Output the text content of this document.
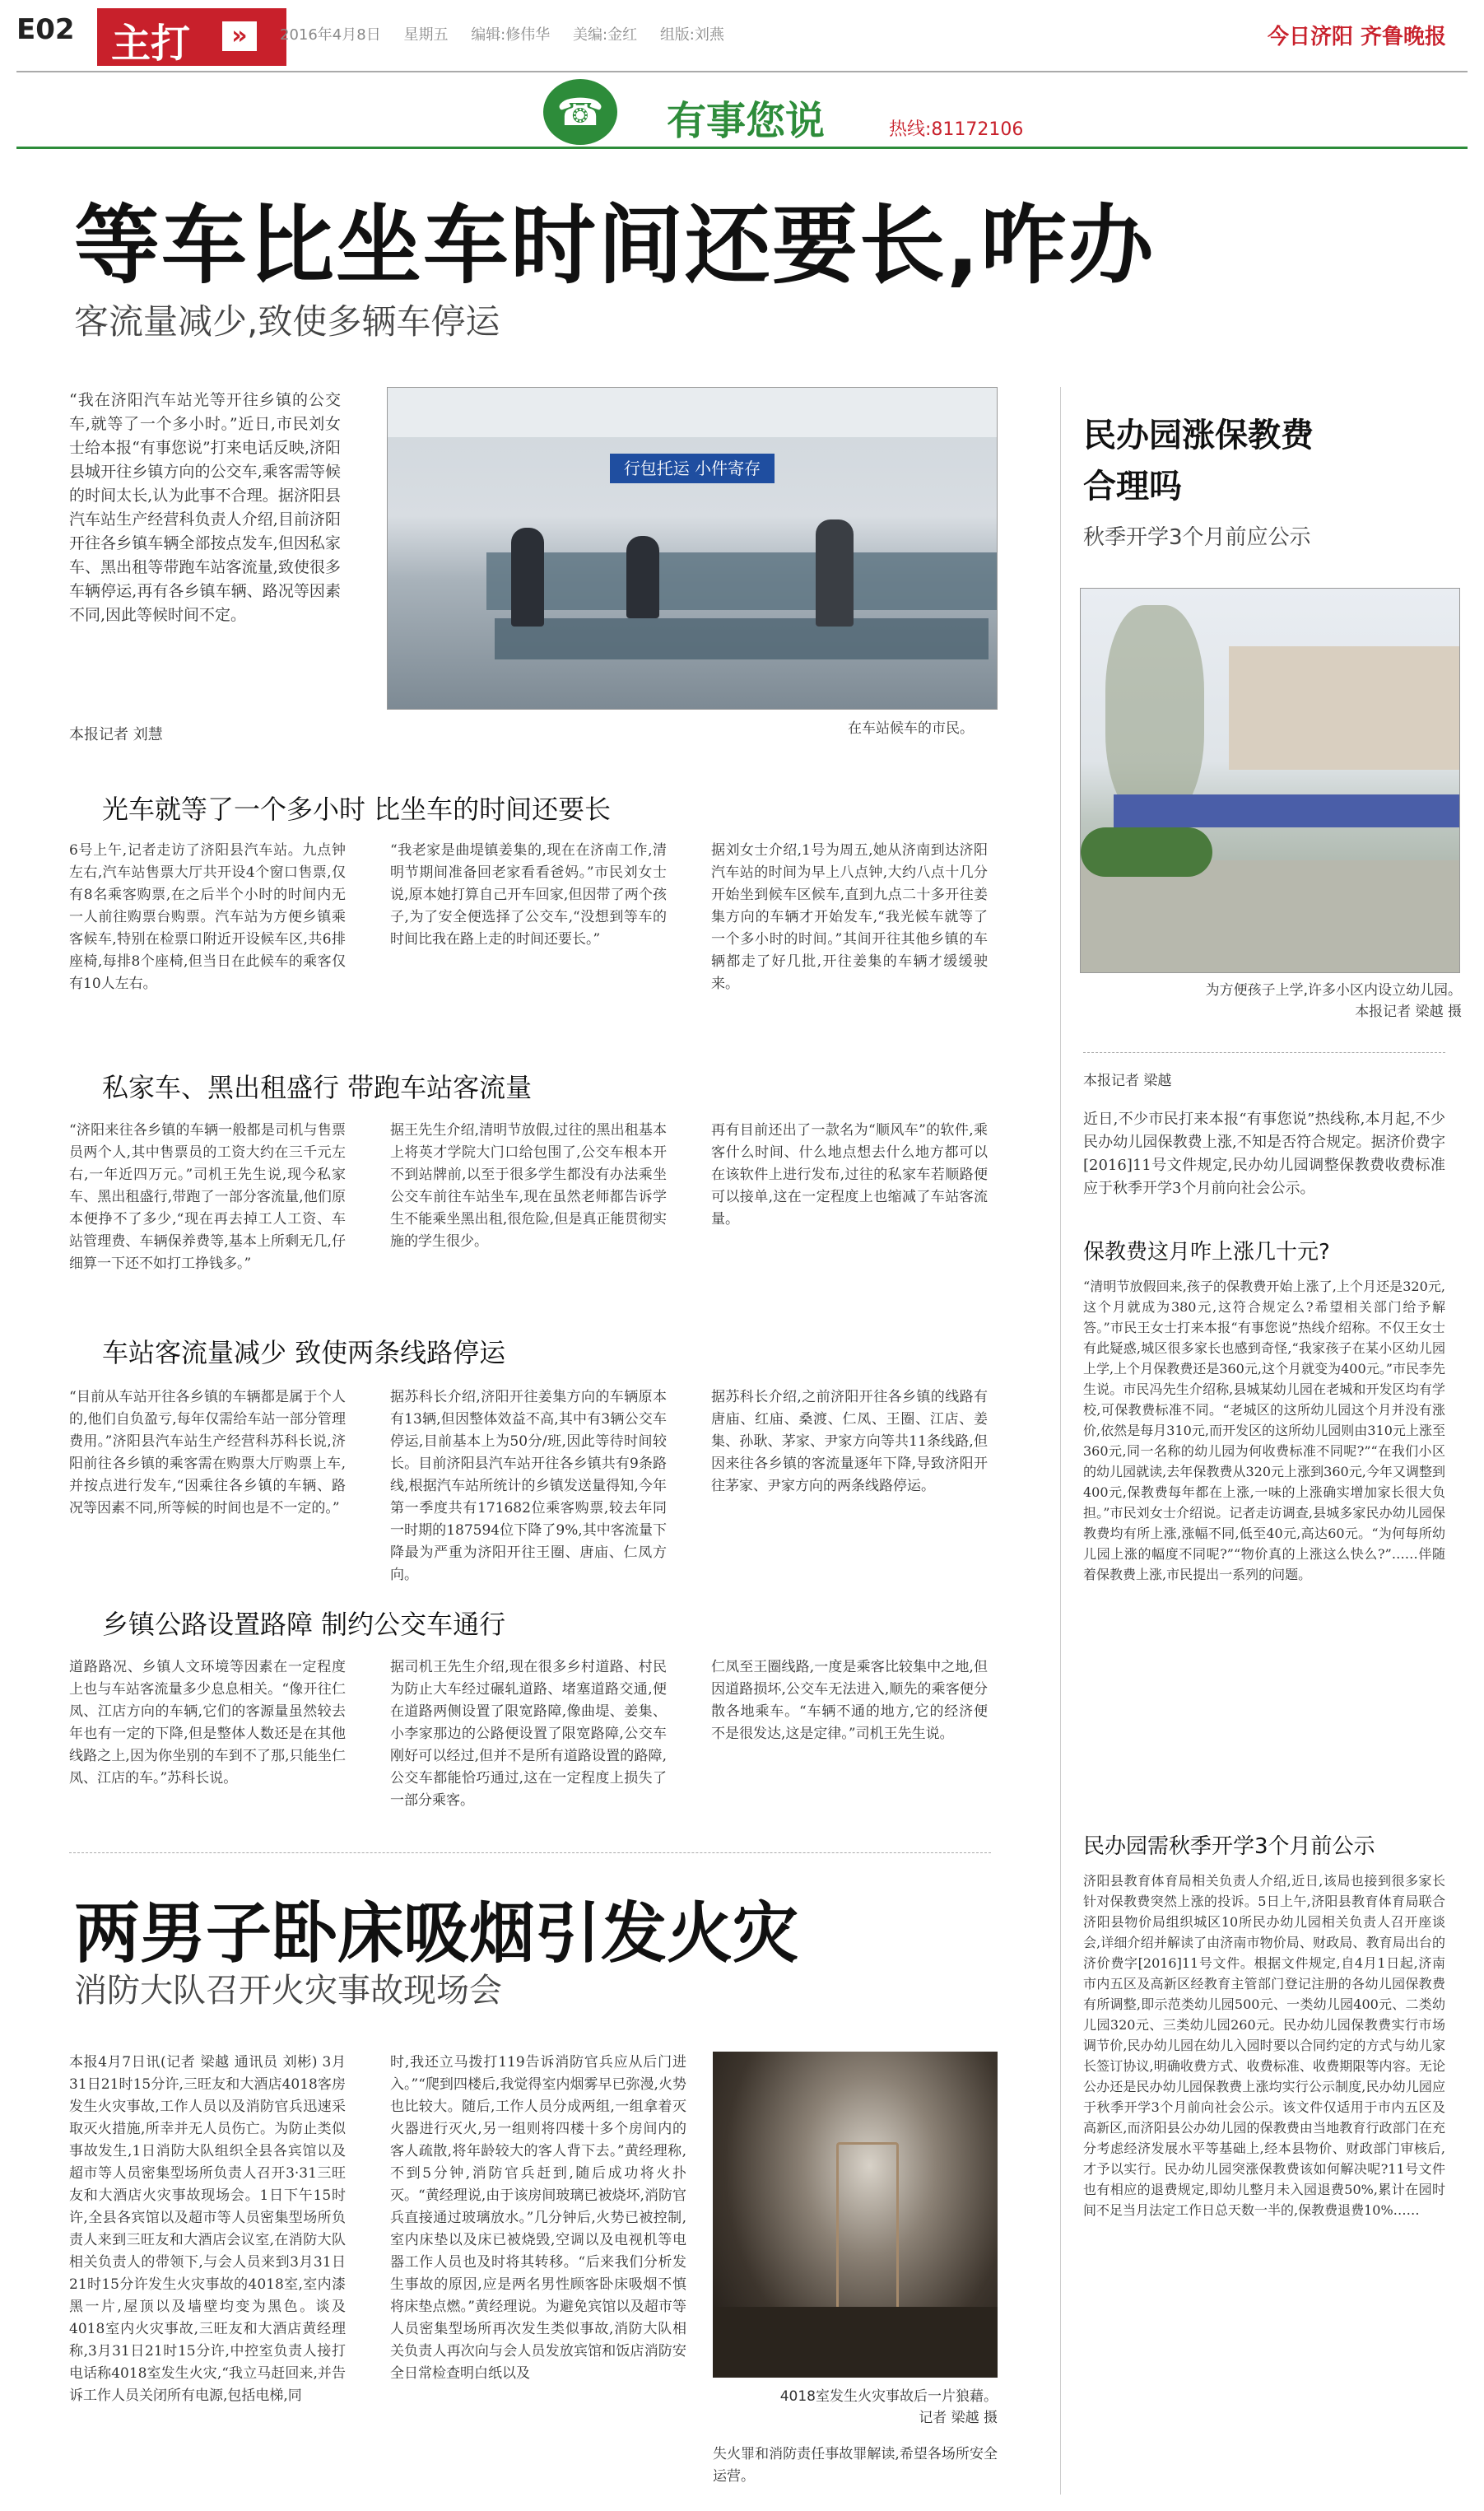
E02 主打	»	2016年4月8日 星期五 编辑:修伟华 美编:金红 组版:刘燕	今日济阳 齐鲁晚报
☎	有事您说	热线:81172106
等车比坐车时间还要长,咋办
客流量减少,致使多辆车停运
“我在济阳汽车站光等开往乡镇的公交车,就等了一个多小时。”近日,市民刘女士给本报“有事您说”打来电话反映,济阳县城开往乡镇方向的公交车,乘客需等候的时间太长,认为此事不合理。据济阳县汽车站生产经营科负责人介绍,目前济阳开往各乡镇车辆全部按点发车,但因私家车、黑出租等带跑车站客流量,致使很多车辆停运,再有各乡镇车辆、路况等因素不同,因此等候时间不定。
本报记者 刘慧
行包托运 小件寄存
在车站候车的市民。
光车就等了一个多小时 比坐车的时间还要长
6号上午,记者走访了济阳县汽车站。九点钟左右,汽车站售票大厅共开设4个窗口售票,仅有8名乘客购票,在之后半个小时的时间内无一人前往购票台购票。汽车站为方便乡镇乘客候车,特别在检票口附近开设候车区,共6排座椅,每排8个座椅,但当日在此候车的乘客仅有10人左右。
“我老家是曲堤镇姜集的,现在在济南工作,清明节期间准备回老家看看爸妈。”市民刘女士说,原本她打算自己开车回家,但因带了两个孩子,为了安全便选择了公交车,“没想到等车的时间比我在路上走的时间还要长。”
据刘女士介绍,1号为周五,她从济南到达济阳汽车站的时间为早上八点钟,大约八点十几分开始坐到候车区候车,直到九点二十多开往姜集方向的车辆才开始发车,“我光候车就等了一个多小时的时间。”其间开往其他乡镇的车辆都走了好几批,开往姜集的车辆才缓缓驶来。
私家车、黑出租盛行 带跑车站客流量
“济阳来往各乡镇的车辆一般都是司机与售票员两个人,其中售票员的工资大约在三千元左右,一年近四万元。”司机王先生说,现今私家车、黑出租盛行,带跑了一部分客流量,他们原本便挣不了多少,“现在再去掉工人工资、车站管理费、车辆保养费等,基本上所剩无几,仔细算一下还不如打工挣钱多。”
据王先生介绍,清明节放假,过往的黑出租基本上将英才学院大门口给包围了,公交车根本开不到站牌前,以至于很多学生都没有办法乘坐公交车前往车站坐车,现在虽然老师都告诉学生不能乘坐黑出租,很危险,但是真正能贯彻实施的学生很少。
再有目前还出了一款名为“顺风车”的软件,乘客什么时间、什么地点想去什么地方都可以在该软件上进行发布,过往的私家车若顺路便可以接单,这在一定程度上也缩减了车站客流量。
车站客流量减少 致使两条线路停运
“目前从车站开往各乡镇的车辆都是属于个人的,他们自负盈亏,每年仅需给车站一部分管理费用。”济阳县汽车站生产经营科苏科长说,济阳前往各乡镇的乘客需在购票大厅购票上车,并按点进行发车,“因乘往各乡镇的车辆、路况等因素不同,所等候的时间也是不一定的。”
据苏科长介绍,济阳开往姜集方向的车辆原本有13辆,但因整体效益不高,其中有3辆公交车停运,目前基本上为50分/班,因此等待时间较长。目前济阳县汽车站开往各乡镇共有9条路线,根据汽车站所统计的乡镇发送量得知,今年第一季度共有171682位乘客购票,较去年同一时期的187594位下降了9%,其中客流量下降最为严重为济阳开往王圈、唐庙、仁凤方向。
据苏科长介绍,之前济阳开往各乡镇的线路有唐庙、红庙、桑渡、仁凤、王圈、江店、姜集、孙耿、茅家、尹家方向等共11条线路,但因来往各乡镇的客流量逐年下降,导致济阳开往茅家、尹家方向的两条线路停运。
乡镇公路设置路障 制约公交车通行
道路路况、乡镇人文环境等因素在一定程度上也与车站客流量多少息息相关。“像开往仁凤、江店方向的车辆,它们的客源量虽然较去年也有一定的下降,但是整体人数还是在其他线路之上,因为你坐别的车到不了那,只能坐仁凤、江店的车。”苏科长说。
据司机王先生介绍,现在很多乡村道路、村民为防止大车经过碾轧道路、堵塞道路交通,便在道路两侧设置了限宽路障,像曲堤、姜集、小李家那边的公路便设置了限宽路障,公交车刚好可以经过,但并不是所有道路设置的路障,公交车都能恰巧通过,这在一定程度上损失了一部分乘客。
仁凤至王圈线路,一度是乘客比较集中之地,但因道路损坏,公交车无法进入,顺先的乘客便分散各地乘车。“车辆不通的地方,它的经济便不是很发达,这是定律。”司机王先生说。
民办园涨保教费
合理吗
秋季开学3个月前应公示
为方便孩子上学,许多小区内设立幼儿园。
本报记者 梁越 摄
本报记者 梁越
近日,不少市民打来本报“有事您说”热线称,本月起,不少民办幼儿园保教费上涨,不知是否符合规定。据济价费字[2016]11号文件规定,民办幼儿园调整保教费收费标准应于秋季开学3个月前向社会公示。
保教费这月咋上涨几十元?
“清明节放假回来,孩子的保教费开始上涨了,上个月还是320元,这个月就成为380元,这符合规定么?希望相关部门给予解答。”市民王女士打来本报“有事您说”热线介绍称。不仅王女士有此疑惑,城区很多家长也感到奇怪,“我家孩子在某小区幼儿园上学,上个月保教费还是360元,这个月就变为400元。”市民李先生说。市民冯先生介绍称,县城某幼儿园在老城和开发区均有学校,可保教费标准不同。“老城区的这所幼儿园这个月并没有涨价,依然是每月310元,而开发区的这所幼儿园则由310元上涨至360元,同一名称的幼儿园为何收费标准不同呢?”“在我们小区的幼儿园就读,去年保教费从320元上涨到360元,今年又调整到400元,保教费每年都在上涨,一味的上涨确实增加家长很大负担。”市民刘女士介绍说。记者走访调查,县城多家民办幼儿园保教费均有所上涨,涨幅不同,低至40元,高达60元。“为何每所幼儿园上涨的幅度不同呢?”“物价真的上涨这么快么?”……伴随着保教费上涨,市民提出一系列的问题。
民办园需秋季开学3个月前公示
济阳县教育体育局相关负责人介绍,近日,该局也接到很多家长针对保教费突然上涨的投诉。5日上午,济阳县教育体育局联合济阳县物价局组织城区10所民办幼儿园相关负责人召开座谈会,详细介绍并解读了由济南市物价局、财政局、教育局出台的济价费字[2016]11号文件。根据文件规定,自4月1日起,济南市内五区及高新区经教育主管部门登记注册的各幼儿园保教费有所调整,即示范类幼儿园500元、一类幼儿园400元、二类幼儿园320元、三类幼儿园260元。民办幼儿园保教费实行市场调节价,民办幼儿园在幼儿入园时要以合同约定的方式与幼儿家长签订协议,明确收费方式、收费标准、收费期限等内容。无论公办还是民办幼儿园保教费上涨均实行公示制度,民办幼儿园应于秋季开学3个月前向社会公示。该文件仅适用于市内五区及高新区,而济阳县公办幼儿园的保教费由当地教育行政部门在充分考虑经济发展水平等基础上,经本县物价、财政部门审核后,才予以实行。民办幼儿园突涨保教费该如何解决呢?11号文件也有相应的退费规定,即幼儿整月未入园退费50%,累计在园时间不足当月法定工作日总天数一半的,保教费退费10%……
两男子卧床吸烟引发火灾
消防大队召开火灾事故现场会
本报4月7日讯(记者 梁越 通讯员 刘彬) 3月31日21时15分许,三旺友和大酒店4018客房发生火灾事故,工作人员以及消防官兵迅速采取灭火措施,所幸并无人员伤亡。为防止类似事故发生,1日消防大队组织全县各宾馆以及超市等人员密集型场所负责人召开3·31三旺友和大酒店火灾事故现场会。1日下午15时许,全县各宾馆以及超市等人员密集型场所负责人来到三旺友和大酒店会议室,在消防大队相关负责人的带领下,与会人员来到3月31日21时15分许发生火灾事故的4018室,室内漆黑一片,屋顶以及墙壁均变为黑色。谈及4018室内火灾事故,三旺友和大酒店黄经理称,3月31日21时15分许,中控室负责人接打电话称4018室发生火灾,“我立马赶回来,并告诉工作人员关闭所有电源,包括电梯,同
时,我还立马拨打119告诉消防官兵应从后门进入。”“爬到四楼后,我觉得室内烟雾早已弥漫,火势也比较大。随后,工作人员分成两组,一组拿着灭火器进行灭火,另一组则将四楼十多个房间内的客人疏散,将年龄较大的客人背下去。”黄经理称,不到5分钟,消防官兵赶到,随后成功将火扑灭。“黄经理说,由于该房间玻璃已被烧坏,消防官兵直接通过玻璃放水。”几分钟后,火势已被控制,室内床垫以及床已被烧毁,空调以及电视机等电器工作人员也及时将其转移。“后来我们分析发生事故的原因,应是两名男性顾客卧床吸烟不慎将床垫点燃。”黄经理说。为避免宾馆以及超市等人员密集型场所再次发生类似事故,消防大队相关负责人再次向与会人员发放宾馆和饭店消防安全日常检查明白纸以及
4018室发生火灾事故后一片狼藉。
记者 梁越 摄
失火罪和消防责任事故罪解读,希望各场所安全运营。
